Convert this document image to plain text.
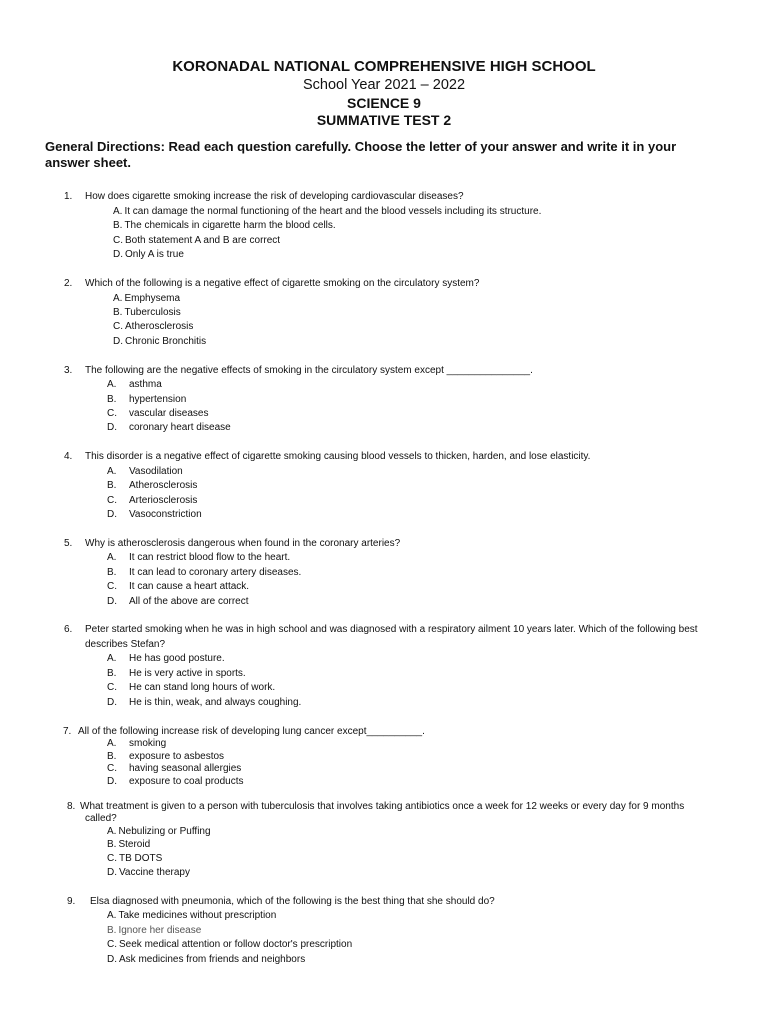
KORONADAL NATIONAL COMPREHENSIVE HIGH SCHOOL
School Year 2021 – 2022
SCIENCE 9
SUMMATIVE TEST 2
General Directions: Read each question carefully. Choose the letter of your answer and write it in your answer sheet.
1. How does cigarette smoking increase the risk of developing cardiovascular diseases?
A. It can damage the normal functioning of the heart and the blood vessels including its structure.
B. The chemicals in cigarette harm the blood cells.
C. Both statement A and B are correct
D. Only A is true
2. Which of the following is a negative effect of cigarette smoking on the circulatory system?
A. Emphysema
B. Tuberculosis
C. Atherosclerosis
D. Chronic Bronchitis
3. The following are the negative effects of smoking in the circulatory system except _______________.
A. asthma
B. hypertension
C. vascular diseases
D. coronary heart disease
4. This disorder is a negative effect of cigarette smoking causing blood vessels to thicken, harden, and lose elasticity.
A. Vasodilation
B. Atherosclerosis
C. Arteriosclerosis
D. Vasoconstriction
5. Why is atherosclerosis dangerous when found in the coronary arteries?
A. It can restrict blood flow to the heart.
B. It can lead to coronary artery diseases.
C. It can cause a heart attack.
D. All of the above are correct
6. Peter started smoking when he was in high school and was diagnosed with a respiratory ailment 10 years later. Which of the following best
describes Stefan?
A. He has good posture.
B. He is very active in sports.
C. He can stand long hours of work.
D. He is thin, weak, and always coughing.
7. All of the following increase risk of developing lung cancer except__________.
A. smoking
B. exposure to asbestos
C. having seasonal allergies
D. exposure to coal products
8. What treatment is given to a person with tuberculosis that involves taking antibiotics once a week for 12 weeks or every day for 9 months
called?
A. Nebulizing or Puffing
B. Steroid
C. TB DOTS
D. Vaccine therapy
9. Elsa diagnosed with pneumonia, which of the following is the best thing that she should do?
A. Take medicines without prescription
B. Ignore her disease
C. Seek medical attention or follow doctor's prescription
D. Ask medicines from friends and neighbors
